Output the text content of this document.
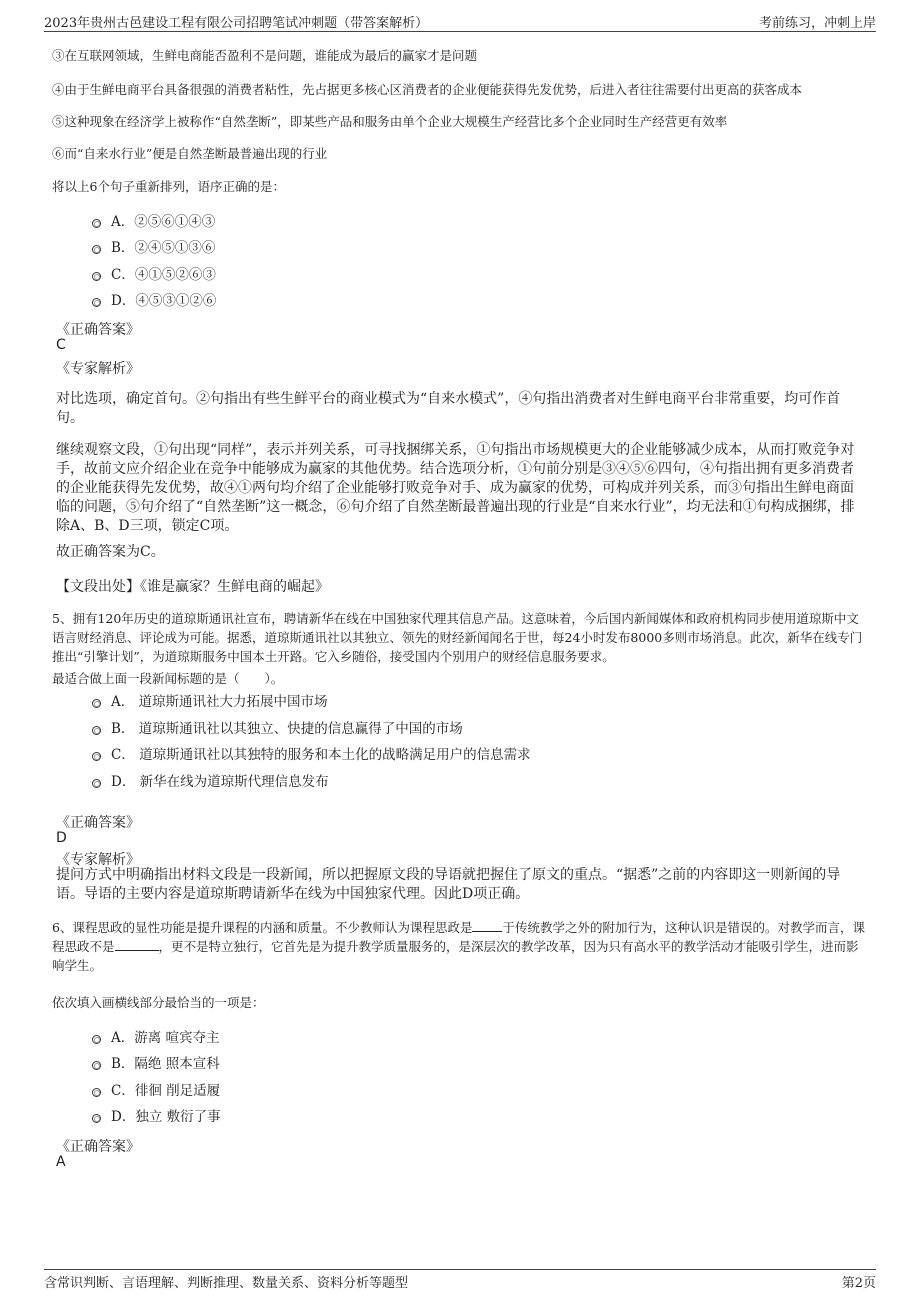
2023年贵州古邑建设工程有限公司招聘笔试冲刺题（带答案解析）	考前练习，冲刺上岸
③在互联网领域，生鲜电商能否盈利不是问题，谁能成为最后的赢家才是问题
④由于生鲜电商平台具备很强的消费者粘性，先占据更多核心区消费者的企业便能获得先发优势，后进入者往往需要付出更高的获客成本
⑤这种现象在经济学上被称作“自然垄断”，即某些产品和服务由单个企业大规模生产经营比多个企业同时生产经营更有效率
⑥而“自来水行业”便是自然垄断最普遍出现的行业
将以上6个句子重新排列，语序正确的是：
A．②⑤⑥①④③
B．②④⑤①③⑥
C．④①⑤②⑥③
D．④⑤③①②⑥
《正确答案》
C
《专家解析》
对比选项，确定首句。②句指出有些生鲜平台的商业模式为“自来水模式”，④句指出消费者对生鲜电商平台非常重要，均可作首句。
继续观察文段，①句出现“同样”，表示并列关系，可寻找捆绑关系，①句指出市场规模更大的企业能够减少成本，从而打败竞争对手，故前文应介绍企业在竞争中能够成为赢家的其他优势。结合选项分析，①句前分别是③④⑤⑥四句，④句指出拥有更多消费者的企业能获得先发优势，故④①两句均介绍了企业能够打败竞争对手、成为赢家的优势，可构成并列关系，而③句指出生鲜电商面临的问题，⑤句介绍了“自然垄断”这一概念，⑥句介绍了自然垄断最普遍出现的行业是“自来水行业”，均无法和①句构成捆绑，排除A、B、D三项，锁定C项。
故正确答案为C。
【文段出处】《谁是赢家？生鲜电商的崛起》
5、拥有120年历史的道琼斯通讯社宣布，聘请新华在线在中国独家代理其信息产品。这意味着，今后国内新闻媒体和政府机构同步使用道琼斯中文语言财经消息、评论成为可能。据悉，道琼斯通讯社以其独立、领先的财经新闻闻名于世，每24小时发布8000多则市场消息。此次，新华在线专门推出“引擎计划”，为道琼斯服务中国本土开路。它入乡随俗，接受国内个别用户的财经信息服务要求。
最适合做上面一段新闻标题的是（　　）。
A． 道琼斯通讯社大力拓展中国市场
B． 道琼斯通讯社以其独立、快捷的信息赢得了中国的市场
C． 道琼斯通讯社以其独特的服务和本土化的战略满足用户的信息需求
D． 新华在线为道琼斯代理信息发布
《正确答案》
D
《专家解析》
提问方式中明确指出材料文段是一段新闻，所以把握原文段的导语就把握住了原文的重点。“据悉”之前的内容即这一则新闻的导语。导语的主要内容是道琼斯聘请新华在线为中国独家代理。因此D项正确。
6、课程思政的显性功能是提升课程的内涵和质量。不少教师认为课程思政是 于传统教学之外的附加行为，这种认识是错误的。对教学而言，课程思政不是	，更不是特立独行，它首先是为提升教学质量服务的，是深层次的教学改革，因为只有高水平的教学活动才能吸引学生，进而影响学生。
依次填入画横线部分最恰当的一项是：
A．游离 喧宾夺主
B．隔绝 照本宣科
C．徘徊 削足适履
D．独立 敷衍了事
《正确答案》
A
含常识判断、言语理解、判断推理、数量关系、资料分析等题型	第2页
